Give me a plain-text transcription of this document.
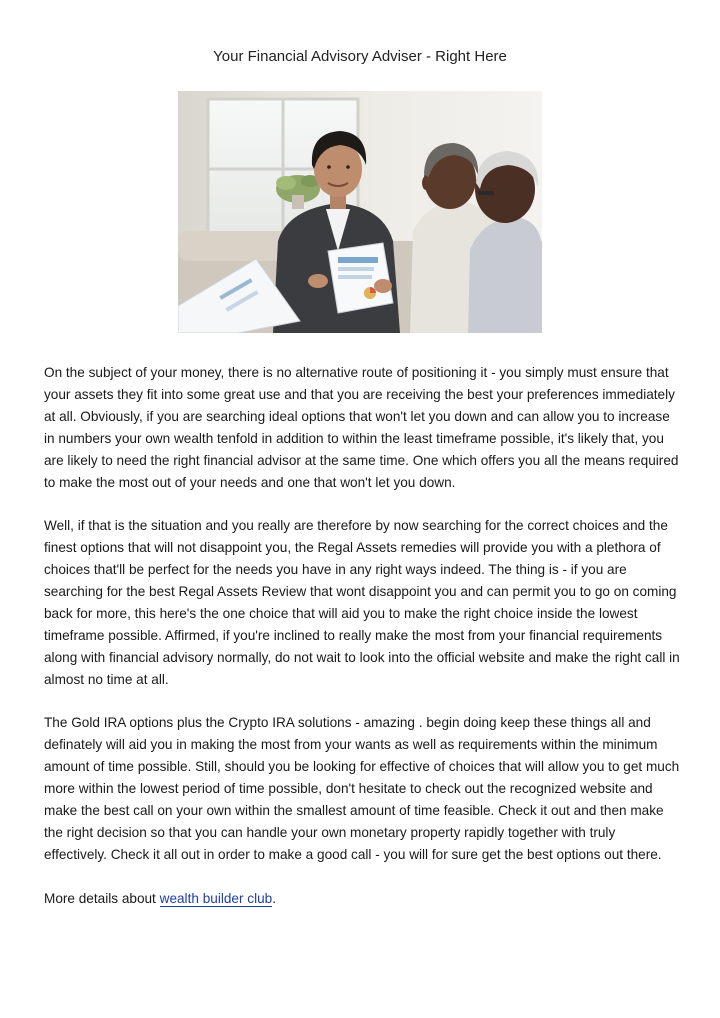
Your Financial Advisory Adviser - Right Here

On the subject of your money, there is no alternative route of positioning it - you simply must ensure that your assets they fit into some great use and that you are receiving the best your preferences immediately at all. Obviously, if you are searching ideal options that won't let you down and can allow you to increase in numbers your own wealth tenfold in addition to within the least timeframe possible, it's likely that, you are likely to need the right financial advisor at the same time. One which offers you all the means required to make the most out of your needs and one that won't let you down.

Well, if that is the situation and you really are therefore by now searching for the correct choices and the finest options that will not disappoint you, the Regal Assets remedies will provide you with a plethora of choices that'll be perfect for the needs you have in any right ways indeed. The thing is - if you are searching for the best Regal Assets Review that wont disappoint you and can permit you to go on coming back for more, this here's the one choice that will aid you to make the right choice inside the lowest timeframe possible. Affirmed, if you're inclined to really make the most from your financial requirements along with financial advisory normally, do not wait to look into the official website and make the right call in almost no time at all.

The Gold IRA options plus the Crypto IRA solutions - amazing . begin doing keep these things all and definately will aid you in making the most from your wants as well as requirements within the minimum amount of time possible. Still, should you be looking for effective of choices that will allow you to get much more within the lowest period of time possible, don't hesitate to check out the recognized website and make the best call on your own within the smallest amount of time feasible. Check it out and then make the right decision so that you can handle your own monetary property rapidly together with truly effectively. Check it all out in order to make a good call - you will for sure get the best options out there.

More details about wealth builder club.
